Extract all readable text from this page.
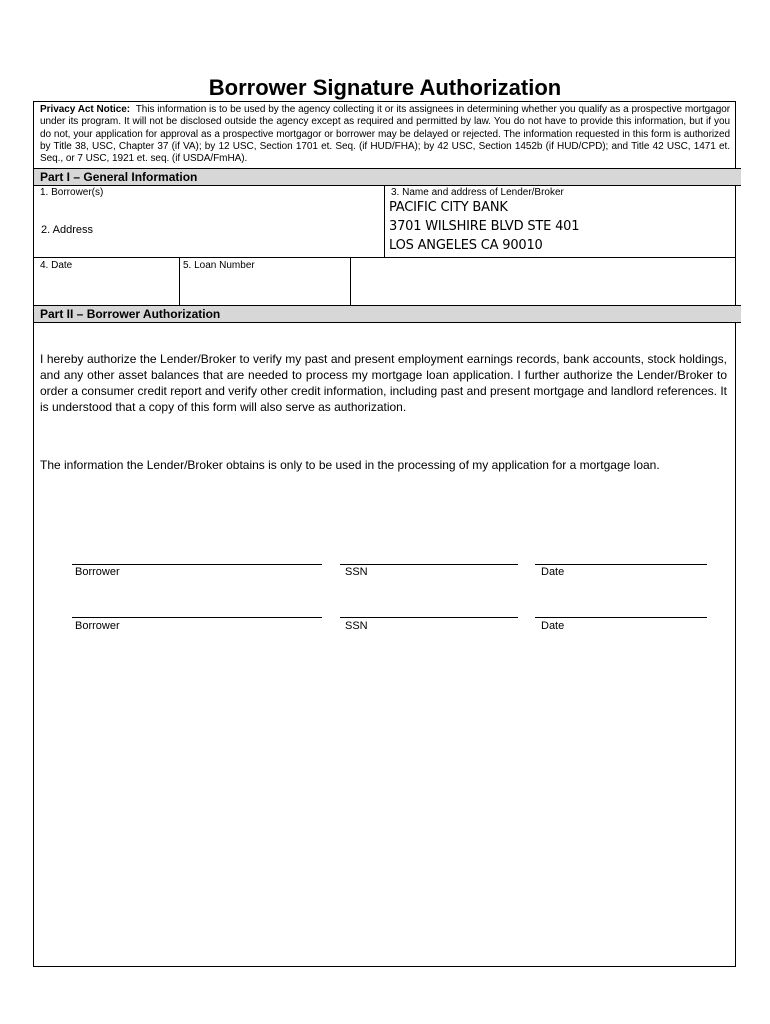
Borrower Signature Authorization
Privacy Act Notice: This information is to be used by the agency collecting it or its assignees in determining whether you qualify as a prospective mortgagor under its program. It will not be disclosed outside the agency except as required and permitted by law. You do not have to provide this information, but if you do not, your application for approval as a prospective mortgagor or borrower may be delayed or rejected. The information requested in this form is authorized by Title 38, USC, Chapter 37 (if VA); by 12 USC, Section 1701 et. Seq. (if HUD/FHA); by 42 USC, Section 1452b (if HUD/CPD); and Title 42 USC, 1471 et. Seq., or 7 USC, 1921 et. seq. (if USDA/FmHA).
Part I – General Information
1. Borrower(s)
2. Address
3. Name and address of Lender/Broker
PACIFIC CITY BANK
3701 WILSHIRE BLVD STE 401
LOS ANGELES CA 90010
4. Date	5. Loan Number
Part II – Borrower Authorization
I hereby authorize the Lender/Broker to verify my past and present employment earnings records, bank accounts, stock holdings, and any other asset balances that are needed to process my mortgage loan application. I further authorize the Lender/Broker to order a consumer credit report and verify other credit information, including past and present mortgage and landlord references. It is understood that a copy of this form will also serve as authorization.
The information the Lender/Broker obtains is only to be used in the processing of my application for a mortgage loan.
Borrower	SSN	Date
Borrower	SSN	Date
